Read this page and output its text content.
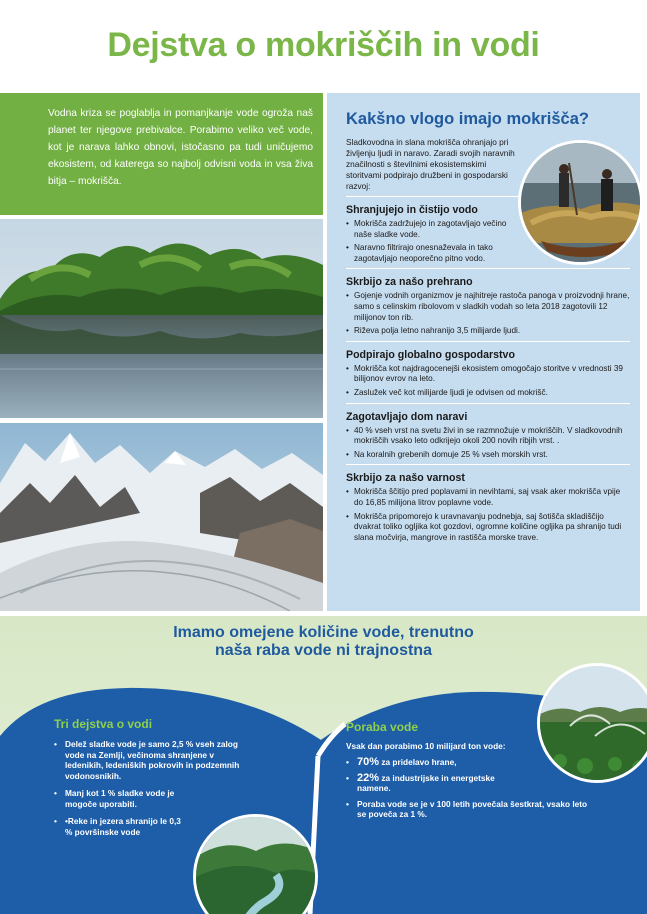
Dejstva o mokriščih in vodi
Vodna kriza se poglablja in pomanjkanje vode ogroža naš planet ter njegove prebivalce. Porabimo veliko več vode, kot je narava lahko obnovi, istočasno pa tudi uničujemo ekosistem, od katerega so najbolj odvisni voda in vsa živa bitja – mokrišča.
Kakšno vlogo imajo mokrišča?

Sladkovodna in slana mokrišča ohranjajo pri življenju ljudi in naravo. Zaradi svojih naravnih značilnosti s številnimi ekosistemskimi storitvami podpirajo družbeni in gospodarski razvoj:

Shranjujejo in čistijo vodo
• Mokrišča zadržujejo in zagotavljajo večino naše sladke vode.
• Naravno filtrirajo onesnaževala in tako zagotavljajo neoporečno pitno vodo.
Skrbijo za našo prehrano
• Gojenje vodnih organizmov je najhitreje rastoča panoga v proizvodnji hrane, samo s celinskim ribolovom v sladkih vodah so leta 2018 zagotovili 12 milijonov ton rib.
• Riževa polja letno nahranijo 3,5 milijarde ljudi.
Podpirajo globalno gospodarstvo
• Mokrišča kot najdragocenejši ekosistem omogočajo storitve v vrednosti 39 bilijonov evrov na leto.
• Zaslužek več kot milijarde ljudi je odvisen od mokrišč.
Zagotavljajo dom naravi
• 40 % vseh vrst na svetu živi in se razmnožuje v mokriščih. V sladkovodnih mokriščih vsako leto odkrijejo okoli 200 novih ribjih vrst. .
• Na koralnih grebenih domuje 25 % vseh morskih vrst.
Skrbijo za našo varnost
• Mokrišča ščitijo pred poplavami in nevihtami, saj vsak aker mokrišča vpije do 16,85 milijona litrov poplavne vode.
• Mokrišča pripomorejo k uravnavanju podnebja, saj šotišča skladiščijo dvakrat toliko ogljika kot gozdovi, ogromne količine ogljika pa shranijo tudi slana močvirja, mangrove in rastišča morske trave.
Imamo omejene količine vode, trenutno
naša raba vode ni trajnostna
Tri dejstva o vodi
• Delež sladke vode je samo 2,5 % vseh zalog vode na Zemlji, večinoma shranjene v ledenikih, ledeniških pokrovih in podzemnih vodonosnikih.
• Manj kot 1 % sladke vode je mogoče uporabiti.
• •Reke in jezera shranijo le 0,3 % površinske vode
Poraba vode
Vsak dan porabimo 10 milijard ton vode:
• 70% za pridelavo hrane,
• 22% za industrijske in energetske namene.
• Poraba vode se je v 100 letih povečala šestkrat, vsako leto se poveča za 1 %.
